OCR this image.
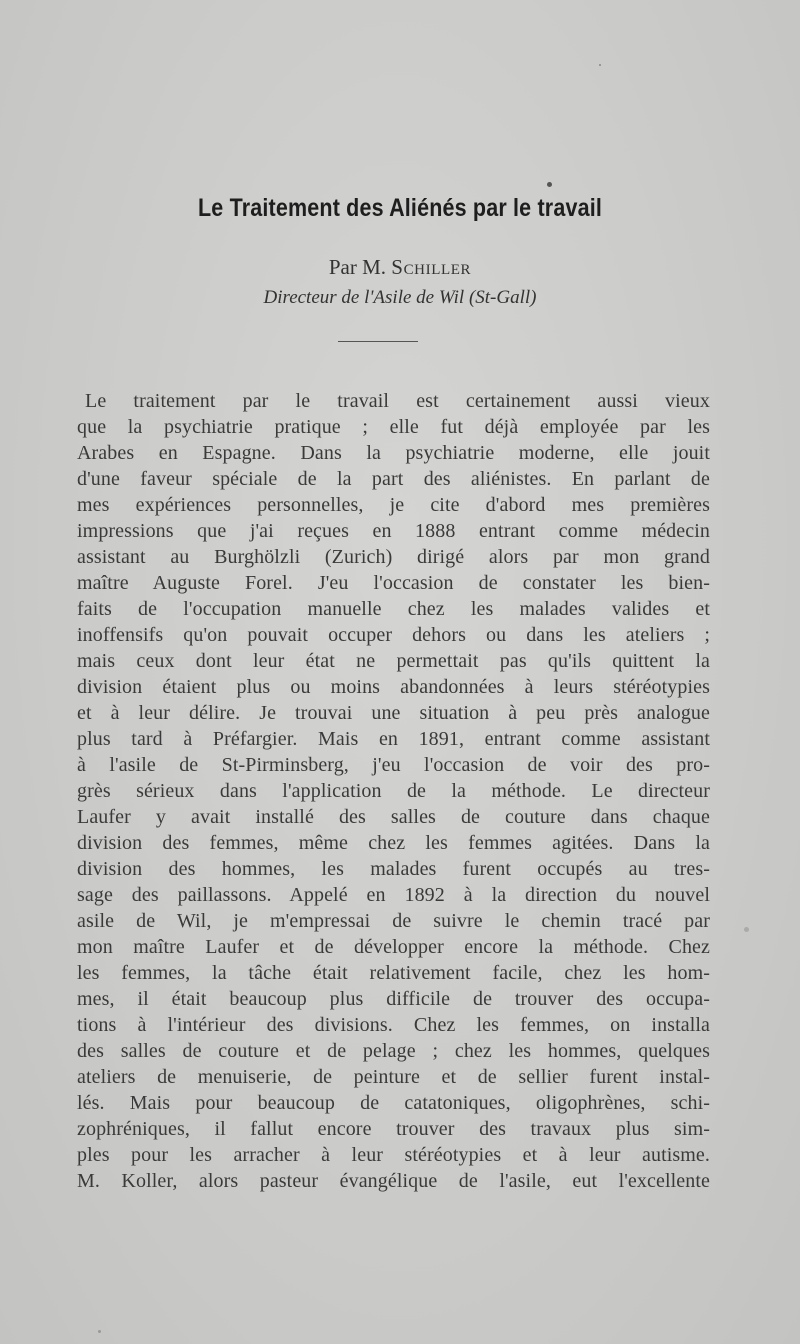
Le Traitement des Aliénés par le travail
Par M. Schiller
Directeur de l'Asile de Wil (St-Gall)
Le traitement par le travail est certainement aussi vieux
que la psychiatrie pratique ; elle fut déjà employée par les
Arabes en Espagne. Dans la psychiatrie moderne, elle jouit
d'une faveur spéciale de la part des aliénistes. En parlant de
mes expériences personnelles, je cite d'abord mes premières
impressions que j'ai reçues en 1888 entrant comme médecin
assistant au Burghölzli (Zurich) dirigé alors par mon grand
maître Auguste Forel. J'eu l'occasion de constater les bien-
faits de l'occupation manuelle chez les malades valides et
inoffensifs qu'on pouvait occuper dehors ou dans les ateliers ;
mais ceux dont leur état ne permettait pas qu'ils quittent la
division étaient plus ou moins abandonnées à leurs stéréotypies
et à leur délire. Je trouvai une situation à peu près analogue
plus tard à Préfargier. Mais en 1891, entrant comme assistant
à l'asile de St-Pirminsberg, j'eu l'occasion de voir des pro-
grès sérieux dans l'application de la méthode. Le directeur
Laufer y avait installé des salles de couture dans chaque
division des femmes, même chez les femmes agitées. Dans la
division des hommes, les malades furent occupés au tres-
sage des paillassons. Appelé en 1892 à la direction du nouvel
asile de Wil, je m'empressai de suivre le chemin tracé par
mon maître Laufer et de développer encore la méthode. Chez
les femmes, la tâche était relativement facile, chez les hom-
mes, il était beaucoup plus difficile de trouver des occupa-
tions à l'intérieur des divisions. Chez les femmes, on installa
des salles de couture et de pelage ; chez les hommes, quelques
ateliers de menuiserie, de peinture et de sellier furent instal-
lés. Mais pour beaucoup de catatoniques, oligophrènes, schi-
zophréniques, il fallut encore trouver des travaux plus sim-
ples pour les arracher à leur stéréotypies et à leur autisme.
M. Koller, alors pasteur évangélique de l'asile, eut l'excellente
